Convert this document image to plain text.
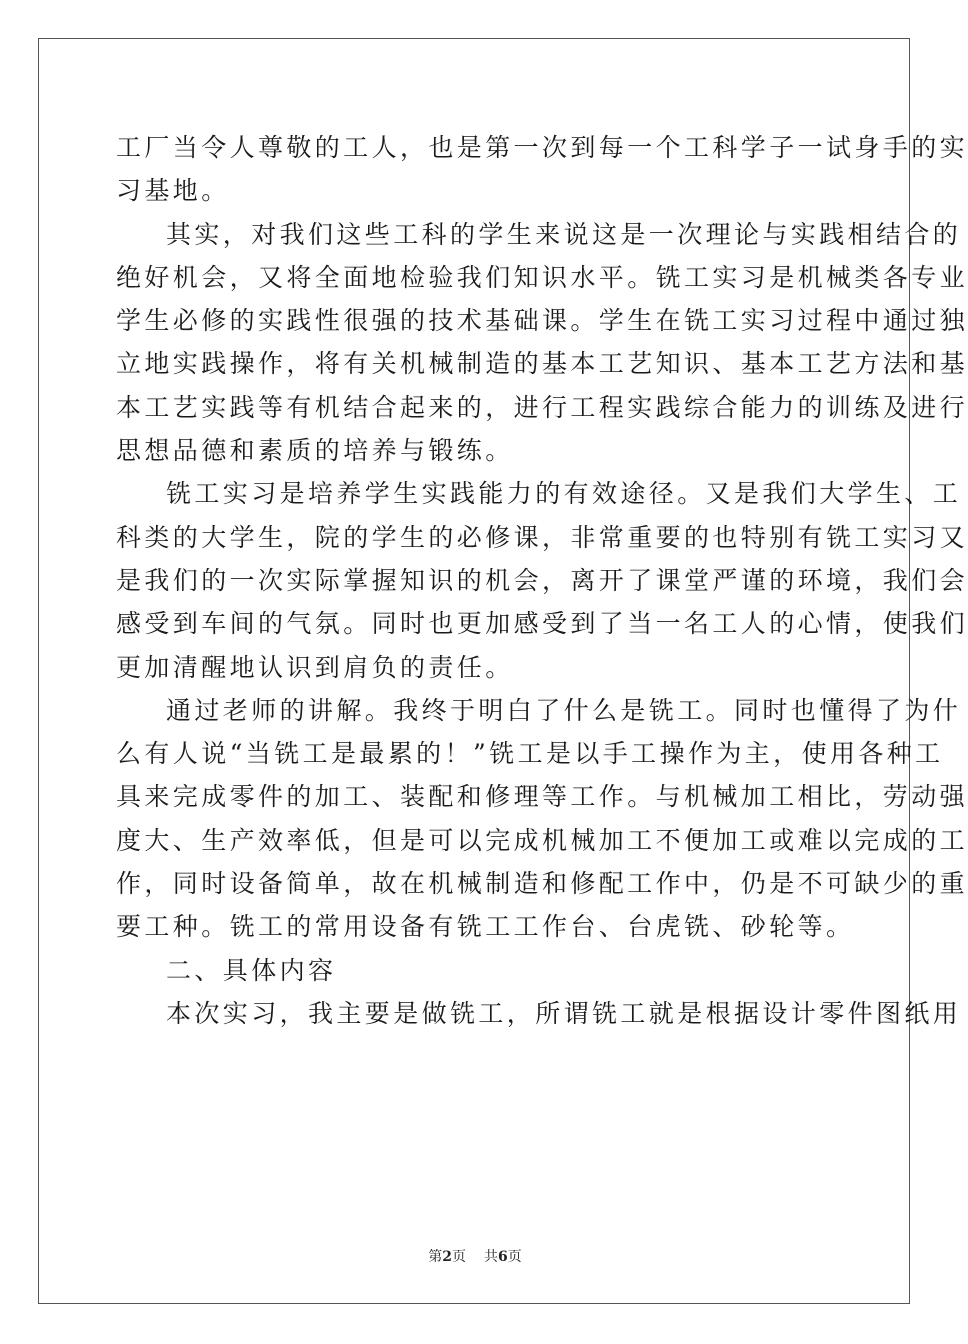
工厂当令人尊敬的工人，也是第一次到每一个工科学子一试身手的实
习基地。
其实，对我们这些工科的学生来说这是一次理论与实践相结合的
绝好机会，又将全面地检验我们知识水平。铣工实习是机械类各专业
学生必修的实践性很强的技术基础课。学生在铣工实习过程中通过独
立地实践操作，将有关机械制造的基本工艺知识、基本工艺方法和基
本工艺实践等有机结合起来的，进行工程实践综合能力的训练及进行
思想品德和素质的培养与锻练。
铣工实习是培养学生实践能力的有效途径。又是我们大学生、工
科类的大学生，院的学生的必修课，非常重要的也特别有铣工实习又
是我们的一次实际掌握知识的机会，离开了课堂严谨的环境，我们会
感受到车间的气氛。同时也更加感受到了当一名工人的心情，使我们
更加清醒地认识到肩负的责任。
通过老师的讲解。我终于明白了什么是铣工。同时也懂得了为什
么有人说“当铣工是最累的！”铣工是以手工操作为主，使用各种工
具来完成零件的加工、装配和修理等工作。与机械加工相比，劳动强
度大、生产效率低，但是可以完成机械加工不便加工或难以完成的工
作，同时设备简单，故在机械制造和修配工作中，仍是不可缺少的重
要工种。铣工的常用设备有铣工工作台、台虎铣、砂轮等。
二、具体内容
本次实习，我主要是做铣工，所谓铣工就是根据设计零件图纸用
第2页 共6页
